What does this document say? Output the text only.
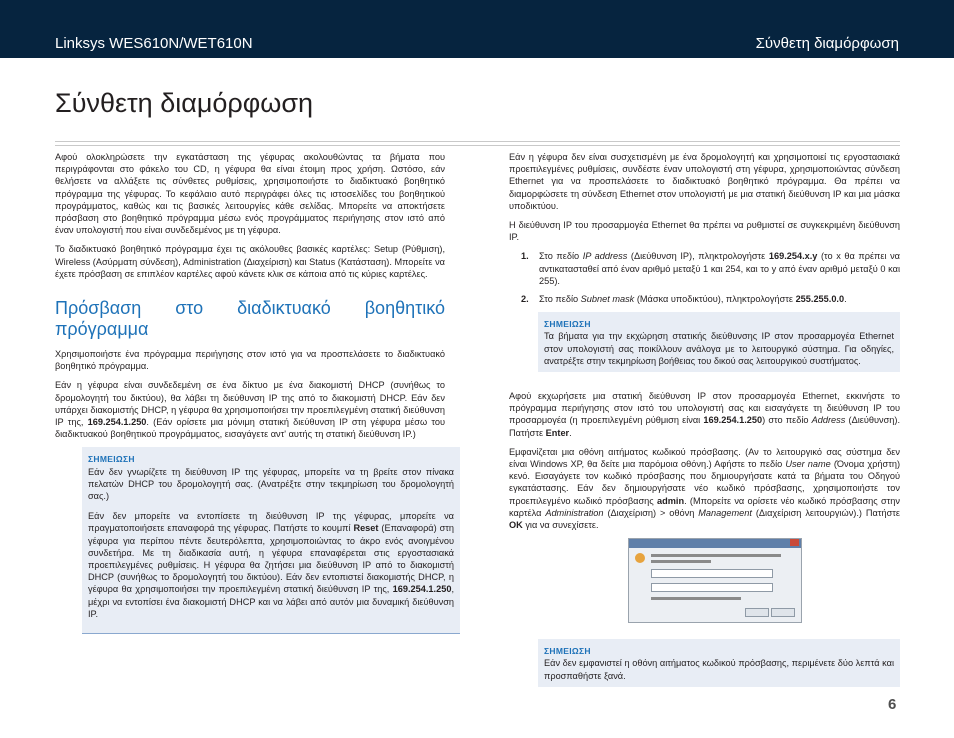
Linksys WES610N/WET610N	Σύνθετη διαμόρφωση
Σύνθετη διαμόρφωση

Αφού ολοκληρώσετε την εγκατάσταση της γέφυρας ακολουθώντας τα βήματα που περιγράφονται στο φάκελο του CD, η γέφυρα θα είναι έτοιμη προς χρήση. Ωστόσο, εάν θελήσετε να αλλάξετε τις σύνθετες ρυθμίσεις, χρησιμοποιήστε το διαδικτυακό βοηθητικό πρόγραμμα της γέφυρας. Το κεφάλαιο αυτό περιγράφει όλες τις ιστοσελίδες του βοηθητικού προγράμματος, καθώς και τις βασικές λειτουργίες κάθε σελίδας. Μπορείτε να αποκτήσετε πρόσβαση στο βοηθητικό πρόγραμμα μέσω ενός προγράμματος περιήγησης στον ιστό από έναν υπολογιστή που είναι συνδεδεμένος με τη γέφυρα.

Το διαδικτυακό βοηθητικό πρόγραμμα έχει τις ακόλουθες βασικές καρτέλες: Setup (Ρύθμιση), Wireless (Ασύρματη σύνδεση), Administration (Διαχείριση) και Status (Κατάσταση). Μπορείτε να έχετε πρόσβαση σε επιπλέον καρτέλες αφού κάνετε κλικ σε κάποια από τις κύριες καρτέλες.

Πρόσβαση στο διαδικτυακό βοηθητικό πρόγραμμα

Χρησιμοποιήστε ένα πρόγραμμα περιήγησης στον ιστό για να προσπελάσετε το διαδικτυακό βοηθητικό πρόγραμμα.

Εάν η γέφυρα είναι συνδεδεμένη σε ένα δίκτυο με ένα διακομιστή DHCP (συνήθως το δρομολογητή του δικτύου), θα λάβει τη διεύθυνση IP της από το διακομιστή DHCP. Εάν δεν υπάρχει διακομιστής DHCP, η γέφυρα θα χρησιμοποιήσει την προεπιλεγμένη στατική διεύθυνση IP της, 169.254.1.250. (Εάν ορίσετε μια μόνιμη στατική διεύθυνση IP στη γέφυρα μέσω του διαδικτυακού βοηθητικού προγράμματος, εισαγάγετε αντ' αυτής τη στατική διεύθυνση IP.)

ΣΗΜΕΙΩΣΗ

Εάν δεν γνωρίζετε τη διεύθυνση IP της γέφυρας, μπορείτε να τη βρείτε στον πίνακα πελατών DHCP του δρομολογητή σας. (Ανατρέξτε στην τεκμηρίωση του δρομολογητή σας.)

Εάν δεν μπορείτε να εντοπίσετε τη διεύθυνση IP της γέφυρας, μπορείτε να πραγματοποιήσετε επαναφορά της γέφυρας. Πατήστε το κουμπί Reset (Επαναφορά) στη γέφυρα για περίπου πέντε δευτερόλεπτα, χρησιμοποιώντας το άκρο ενός ανοιγμένου συνδετήρα. Με τη διαδικασία αυτή, η γέφυρα επαναφέρεται στις εργοστασιακά προεπιλεγμένες ρυθμίσεις. Η γέφυρα θα ζητήσει μια διεύθυνση IP από το διακομιστή DHCP (συνήθως το δρομολογητή του δικτύου). Εάν δεν εντοπιστεί διακομιστής DHCP, η γέφυρα θα χρησιμοποιήσει την προεπιλεγμένη στατική διεύθυνση IP της, 169.254.1.250, μέχρι να εντοπίσει ένα διακομιστή DHCP και να λάβει από αυτόν μια δυναμική διεύθυνση IP.

Εάν η γέφυρα δεν είναι συσχετισμένη με ένα δρομολογητή και χρησιμοποιεί τις εργοστασιακά προεπιλεγμένες ρυθμίσεις, συνδέστε έναν υπολογιστή στη γέφυρα, χρησιμοποιώντας σύνδεση Ethernet για να προσπελάσετε το διαδικτυακό βοηθητικό πρόγραμμα. Θα πρέπει να διαμορφώσετε τη σύνδεση Ethernet στον υπολογιστή με μια στατική διεύθυνση IP και μια μάσκα υποδικτύου.

Η διεύθυνση IP του προσαρμογέα Ethernet θα πρέπει να ρυθμιστεί σε συγκεκριμένη διεύθυνση IP.

1. Στο πεδίο IP address (Διεύθυνση IP), πληκτρολογήστε 169.254.x.y (το x θα πρέπει να αντικατασταθεί από έναν αριθμό μεταξύ 1 και 254, και το y από έναν αριθμό μεταξύ 0 και 255).
2. Στο πεδίο Subnet mask (Μάσκα υποδικτύου), πληκτρολογήστε 255.255.0.0.
ΣΗΜΕΙΩΣΗ
Τα βήματα για την εκχώρηση στατικής διεύθυνσης IP στον προσαρμογέα Ethernet στον υπολογιστή σας ποικίλλουν ανάλογα με το λειτουργικό σύστημα. Για οδηγίες, ανατρέξτε στην τεκμηρίωση βοήθειας του δικού σας λειτουργικού συστήματος.

Αφού εκχωρήσετε μια στατική διεύθυνση IP στον προσαρμογέα Ethernet, εκκινήστε το πρόγραμμα περιήγησης στον ιστό του υπολογιστή σας και εισαγάγετε τη διεύθυνση IP του προσαρμογέα (η προεπιλεγμένη ρύθμιση είναι 169.254.1.250) στο πεδίο Address (Διεύθυνση). Πατήστε Enter.

Εμφανίζεται μια οθόνη αιτήματος κωδικού πρόσβασης. (Αν το λειτουργικό σας σύστημα δεν είναι Windows XP, θα δείτε μια παρόμοια οθόνη.) Αφήστε το πεδίο User name (Όνομα χρήστη) κενό. Εισαγάγετε τον κωδικό πρόσβασης που δημιουργήσατε κατά τα βήματα του Οδηγού εγκατάστασης. Εάν δεν δημιουργήσατε νέο κωδικό πρόσβασης, χρησιμοποιήστε τον προεπιλεγμένο κωδικό πρόσβασης admin. (Μπορείτε να ορίσετε νέο κωδικό πρόσβασης στην καρτέλα Administration (Διαχείριση) > οθόνη Management (Διαχείριση λειτουργιών).) Πατήστε OK για να συνεχίσετε.

ΣΗΜΕΙΩΣΗ
Εάν δεν εμφανιστεί η οθόνη αιτήματος κωδικού πρόσβασης, περιμένετε δύο λεπτά και προσπαθήστε ξανά.
6
